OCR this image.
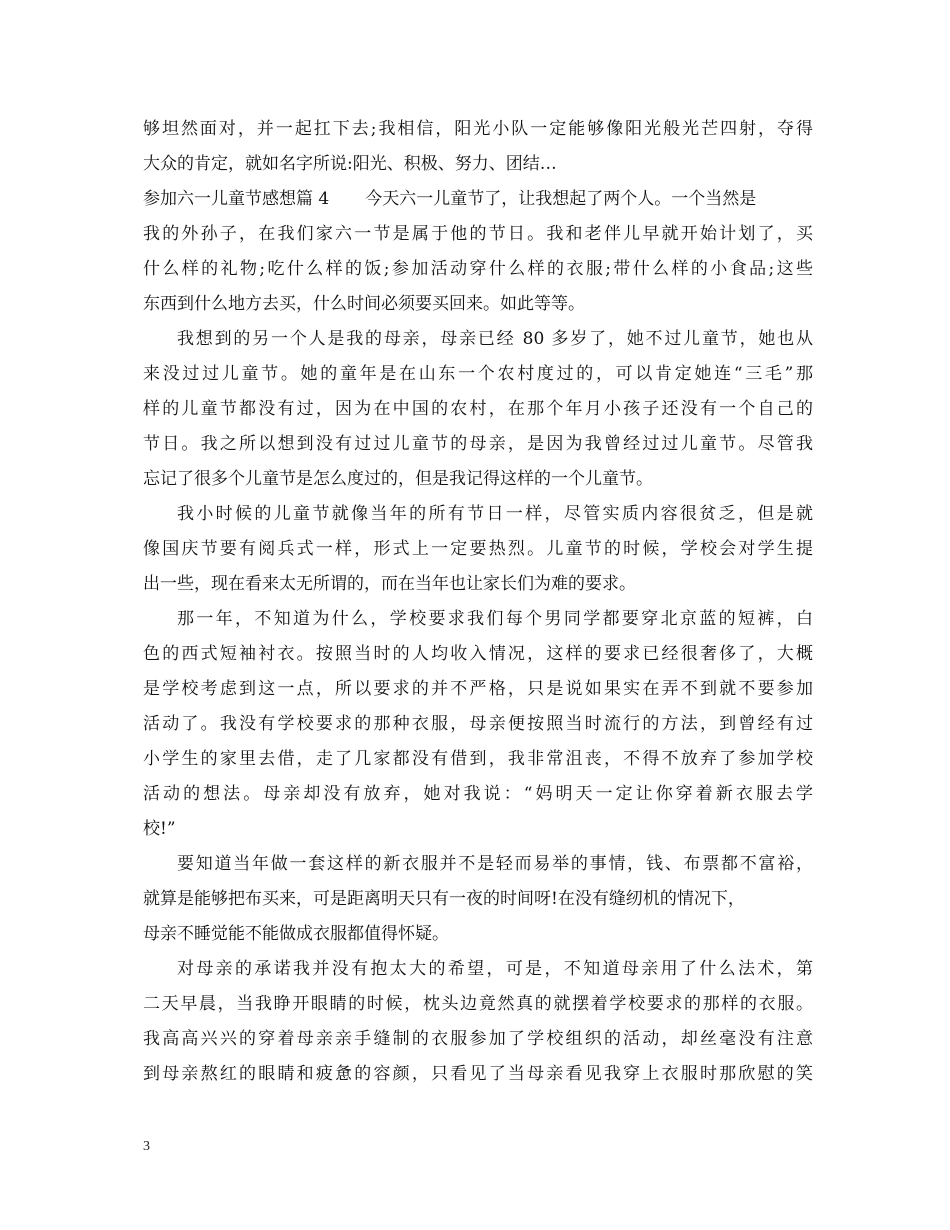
够坦然面对，并一起扛下去;我相信，阳光小队一定能够像阳光般光芒四射，夺得
大众的肯定，就如名字所说:阳光、积极、努力、团结…
参加六一儿童节感想篇 4 今天六一儿童节了，让我想起了两个人。一个当然是
我的外孙子，在我们家六一节是属于他的节日。我和老伴儿早就开始计划了，买
什么样的礼物;吃什么样的饭;参加活动穿什么样的衣服;带什么样的小食品;这些
东西到什么地方去买，什么时间必须要买回来。如此等等。
我想到的另一个人是我的母亲，母亲已经 80 多岁了，她不过儿童节，她也从
来没过过儿童节。她的童年是在山东一个农村度过的，可以肯定她连“三毛”那
样的儿童节都没有过，因为在中国的农村，在那个年月小孩子还没有一个自己的
节日。我之所以想到没有过过儿童节的母亲，是因为我曾经过过儿童节。尽管我
忘记了很多个儿童节是怎么度过的，但是我记得这样的一个儿童节。
我小时候的儿童节就像当年的所有节日一样，尽管实质内容很贫乏，但是就
像国庆节要有阅兵式一样，形式上一定要热烈。儿童节的时候，学校会对学生提
出一些，现在看来太无所谓的，而在当年也让家长们为难的要求。
那一年，不知道为什么，学校要求我们每个男同学都要穿北京蓝的短裤，白
色的西式短袖衬衣。按照当时的人均收入情况，这样的要求已经很奢侈了，大概
是学校考虑到这一点，所以要求的并不严格，只是说如果实在弄不到就不要参加
活动了。我没有学校要求的那种衣服，母亲便按照当时流行的方法，到曾经有过
小学生的家里去借，走了几家都没有借到，我非常沮丧，不得不放弃了参加学校
活动的想法。母亲却没有放弃，她对我说：“妈明天一定让你穿着新衣服去学
校!”
要知道当年做一套这样的新衣服并不是轻而易举的事情，钱、布票都不富裕，
就算是能够把布买来，可是距离明天只有一夜的时间呀!在没有缝纫机的情况下，
母亲不睡觉能不能做成衣服都值得怀疑。
对母亲的承诺我并没有抱太大的希望，可是，不知道母亲用了什么法术，第
二天早晨，当我睁开眼睛的时候，枕头边竟然真的就摆着学校要求的那样的衣服。
我高高兴兴的穿着母亲亲手缝制的衣服参加了学校组织的活动，却丝毫没有注意
到母亲熬红的眼睛和疲惫的容颜，只看见了当母亲看见我穿上衣服时那欣慰的笑
3
